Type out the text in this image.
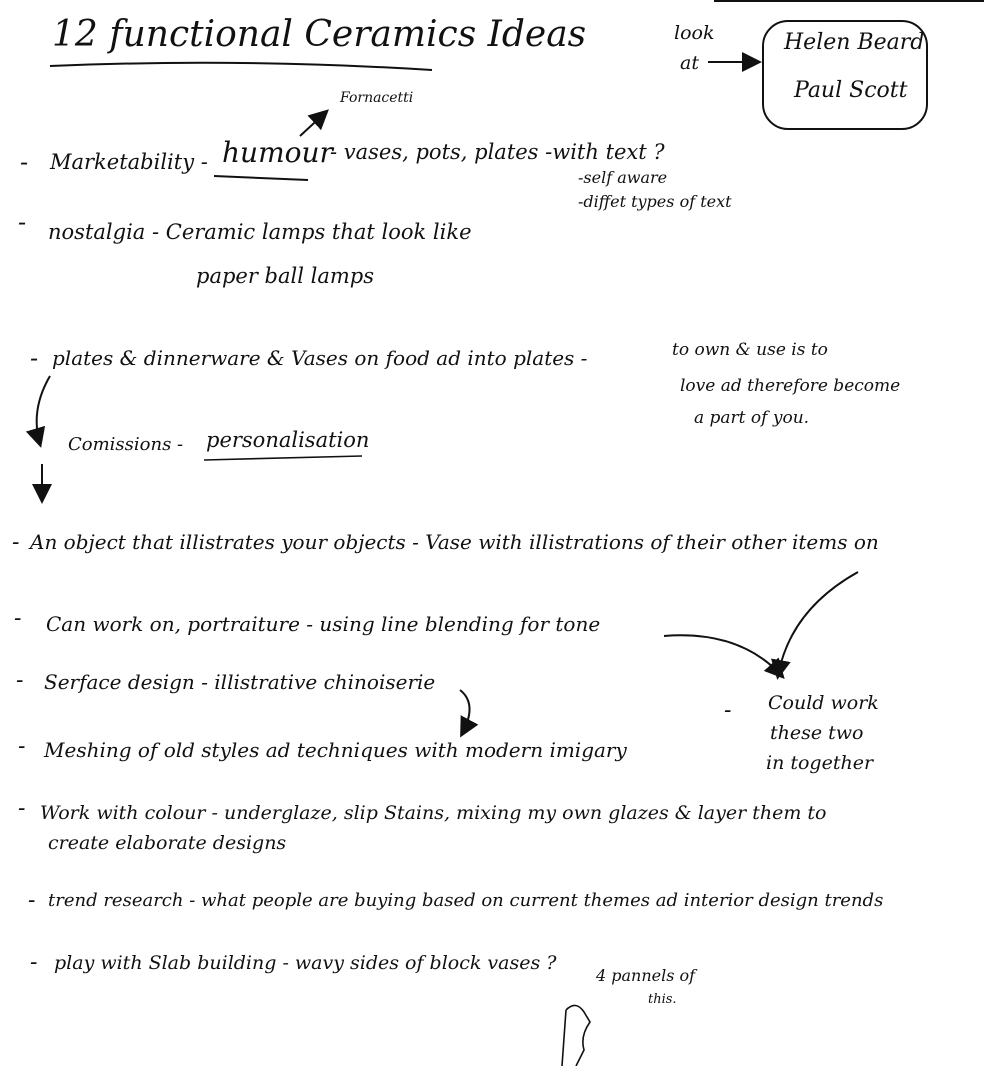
12 functional Ceramics Ideas	look
at
Helen Beard
Paul Scott
Fornacetti
- Marketability - humour
- vases, pots, plates -with text ?
-self aware
-diffet types of text
- nostalgia - Ceramic lamps that look like
paper ball lamps
- plates & dinnerware & Vases on food ad into plates -	to own & use is to
love ad therefore become
a part of you.
Comissions - personalisation
- An object that illistrates your objects - Vase with illistrations of their other items on
- Can work on, portraiture - using line blending for tone
- Serface design - illistrative chinoiserie
- Could work
these two
in together
- Meshing of old styles ad techniques with modern imigary
- Work with colour - underglaze, slip Stains, mixing my own glazes & layer them to
create elaborate designs
- trend research - what people are buying based on current themes ad interior design trends
- play with Slab building - wavy sides of block vases ?
4 pannels of
this.
